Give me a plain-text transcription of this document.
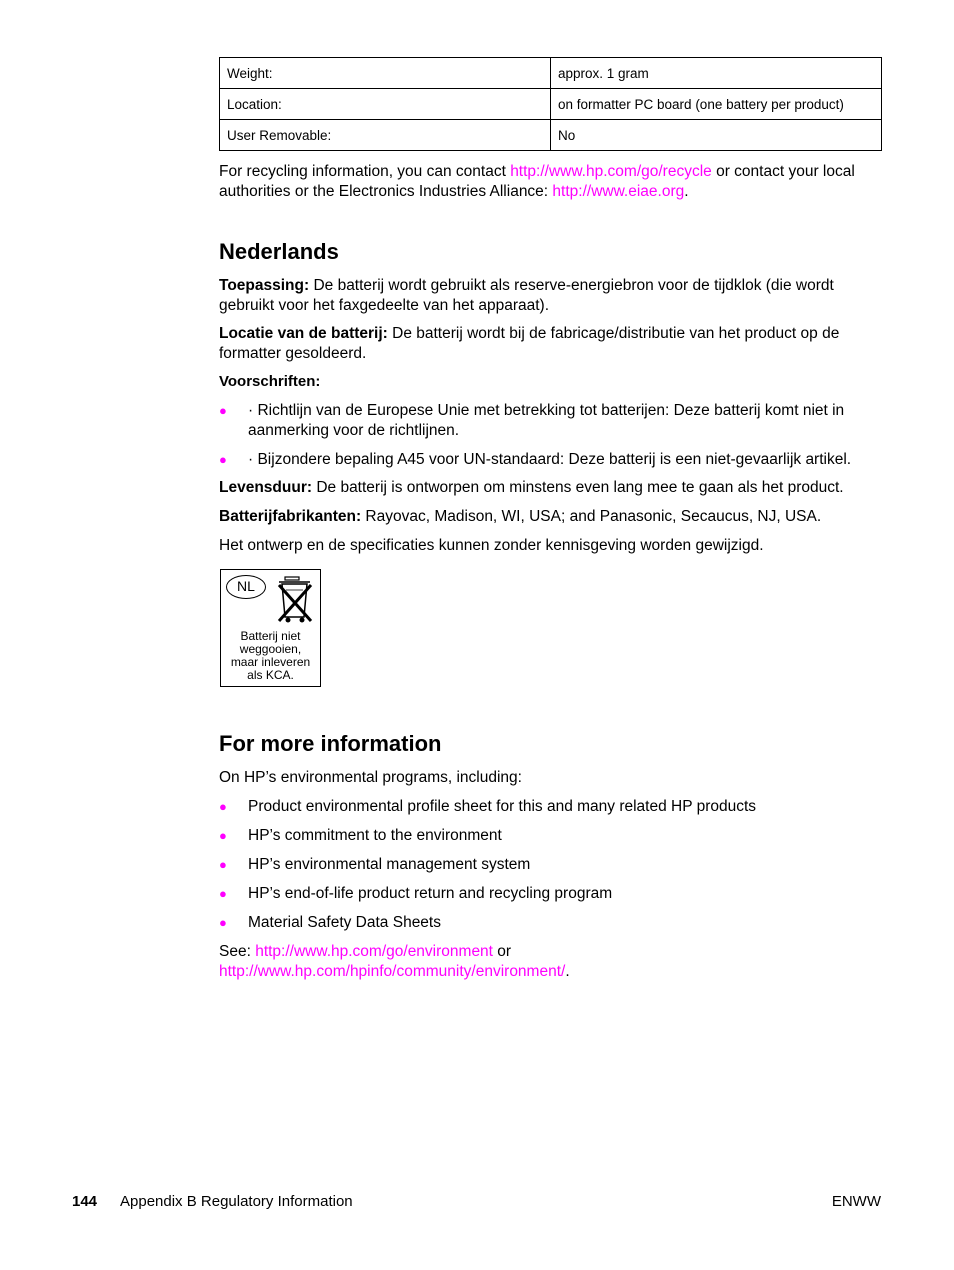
Weight:	approx. 1 gram
Location:	on formatter PC board (one battery per product)
User Removable:	No

For recycling information, you can contact http://www.hp.com/go/recycle or contact your local authorities or the Electronics Industries Alliance: http://www.eiae.org.

Nederlands

Toepassing: De batterij wordt gebruikt als reserve-energiebron voor de tijdklok (die wordt gebruikt voor het faxgedeelte van het apparaat).

Locatie van de batterij: De batterij wordt bij de fabricage/distributie van het product op de formatter gesoldeerd.

Voorschriften:

● · Richtlijn van de Europese Unie met betrekking tot batterijen: Deze batterij komt niet in aanmerking voor de richtlijnen.
● · Bijzondere bepaling A45 voor UN-standaard: Deze batterij is een niet-gevaarlijk artikel.

Levensduur: De batterij is ontworpen om minstens even lang mee te gaan als het product.

Batterijfabrikanten: Rayovac, Madison, WI, USA; and Panasonic, Secaucus, NJ, USA.

Het ontwerp en de specificaties kunnen zonder kennisgeving worden gewijzigd.

NL
Batterij niet
weggooien,
maar inleveren
als KCA.
For more information

On HP’s environmental programs, including:

● Product environmental profile sheet for this and many related HP products
● HP’s commitment to the environment
● HP’s environmental management system
● HP’s end-of-life product return and recycling program
● Material Safety Data Sheets

See: http://www.hp.com/go/environment or http://www.hp.com/hpinfo/community/environment/.

144 Appendix B Regulatory Information	ENWW
